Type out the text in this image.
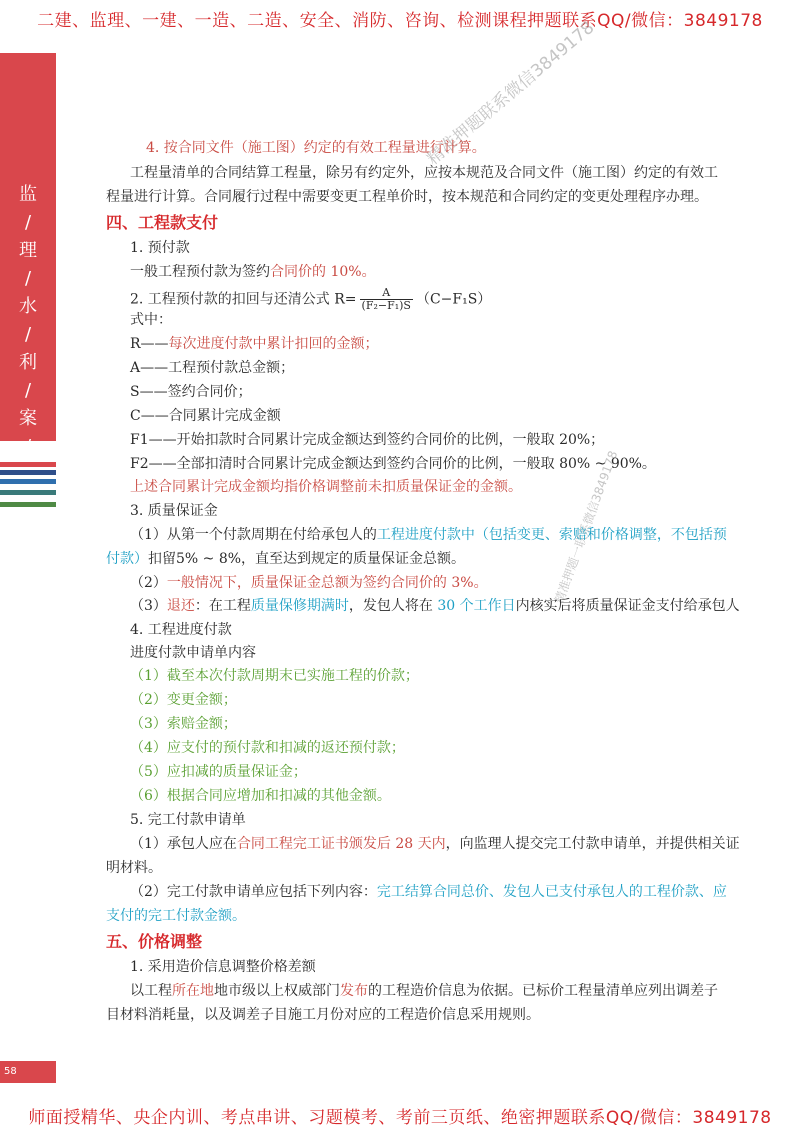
二建、监理、一建、一造、二造、安全、消防、咨询、检测课程押题联系QQ/微信：3849178
监
/
理
/
水
/
利
/
案
/
精准押题联系微信3849178
精准押题一联系微信3849178
4. 按合同文件（施工图）约定的有效工程量进行计算。
工程量清单的合同结算工程量，除另有约定外，应按本规范及合同文件（施工图）约定的有效工
程量进行计算。合同履行过程中需要变更工程单价时，按本规范和合同约定的变更处理程序办理。
四、工程款支付
1. 预付款
一般工程预付款为签约合同价的 10%。
2. 工程预付款的扣回与还清公式 $R= \frac{A}{\text{(F₂−F₁)S}} (C-F_1S)$
式中：
R——每次进度付款中累计扣回的金额；
A——工程预付款总金额；
S——签约合同价；
C——合同累计完成金额
F1——开始扣款时合同累计完成金额达到签约合同价的比例，一般取 20%；
F2——全部扣清时合同累计完成金额达到签约合同价的比例，一般取 80% ~ 90%。
上述合同累计完成金额均指价格调整前未扣质量保证金的金额。
3. 质量保证金
（1）从第一个付款周期在付给承包人的工程进度付款中（包括变更、索赔和价格调整，不包括预
付款）扣留5% ~ 8%，直至达到规定的质量保证金总额。
（2）一般情况下，质量保证金总额为签约合同价的 3%。
（3）退还：在工程质量保修期满时，发包人将在 30 个工作日内核实后将质量保证金支付给承包人
4. 工程进度付款
进度付款申请单内容
（1）截至本次付款周期末已实施工程的价款；
（2）变更金额；
（3）索赔金额；
（4）应支付的预付款和扣减的返还预付款；
（5）应扣减的质量保证金；
（6）根据合同应增加和扣减的其他金额。
5. 完工付款申请单
（1）承包人应在合同工程完工证书颁发后 28 天内，向监理人提交完工付款申请单，并提供相关证
明材料。
（2）完工付款申请单应包括下列内容：完工结算合同总价、发包人已支付承包人的工程价款、应
支付的完工付款金额。
五、价格调整
1. 采用造价信息调整价格差额
以工程所在地地市级以上权威部门发布的工程造价信息为依据。已标价工程量清单应列出调差子
目材料消耗量，以及调差子目施工月份对应的工程造价信息采用规则。
58
师面授精华、央企内训、考点串讲、习题模考、考前三页纸、绝密押题联系QQ/微信：3849178
